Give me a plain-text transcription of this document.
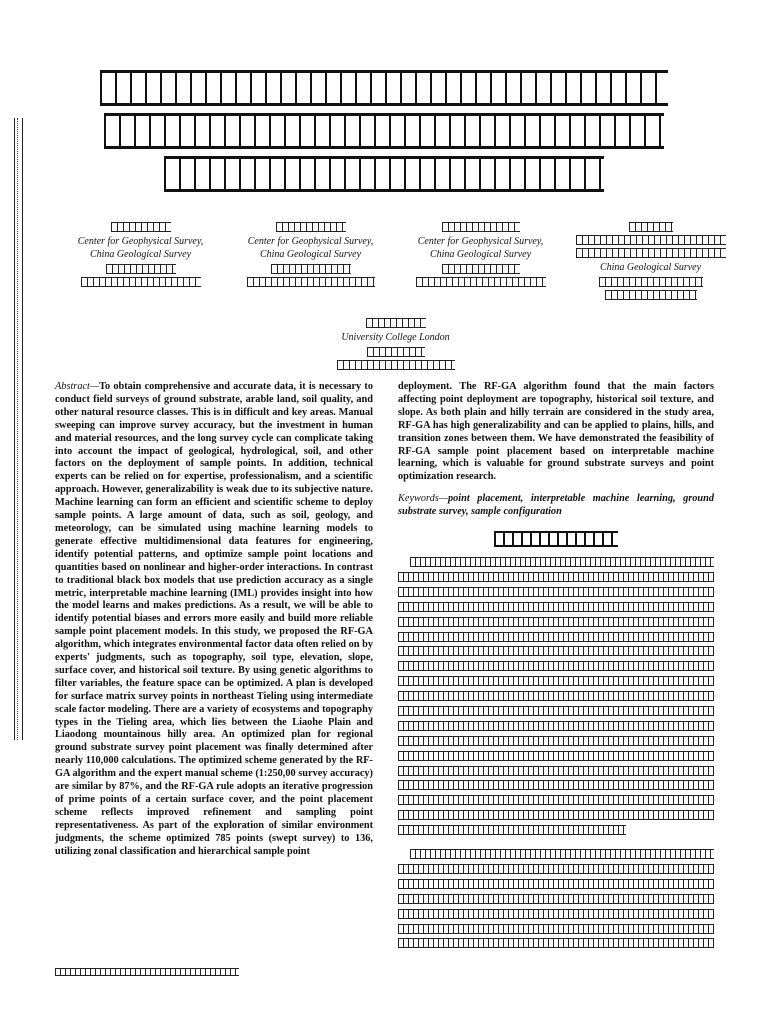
Center for Geophysical Survey,
China Geological Survey
Center for Geophysical Survey,
China Geological Survey
Center for Geophysical Survey,
China Geological Survey
China Geological Survey
University College London
Abstract—To obtain comprehensive and accurate data, it is necessary to conduct field surveys of ground substrate, arable land, soil quality, and other natural resource classes. This is in difficult and key areas. Manual sweeping can improve survey accuracy, but the investment in human and material resources, and the long survey cycle can complicate taking into account the impact of geological, hydrological, soil, and other factors on the deployment of sample points. In addition, technical experts can be relied on for expertise, professionalism, and a scientific approach. However, generalizability is weak due to its subjective nature. Machine learning can form an efficient and scientific scheme to deploy sample points. A large amount of data, such as soil, geology, and meteorology, can be simulated using machine learning models to generate effective multidimensional data features for engineering, identify potential patterns, and optimize sample point locations and quantities based on nonlinear and higher-order interactions. In contrast to traditional black box models that use prediction accuracy as a single metric, interpretable machine learning (IML) provides insight into how the model learns and makes predictions. As a result, we will be able to identify potential biases and errors more easily and build more reliable sample point placement models. In this study, we proposed the RF-GA algorithm, which integrates environmental factor data often relied on by experts' judgments, such as topography, soil type, elevation, slope, surface cover, and historical soil texture. By using genetic algorithms to filter variables, the feature space can be optimized. A plan is developed for surface matrix survey points in northeast Tieling using intermediate scale factor modeling. There are a variety of ecosystems and topography types in the Tieling area, which lies between the Liaohe Plain and Liaodong mountainous hilly area. An optimized plan for regional ground substrate survey point placement was finally determined after nearly 110,000 calculations. The optimized scheme generated by the RF-GA algorithm and the expert manual scheme (1:250,00 survey accuracy) are similar by 87%, and the RF-GA rule adopts an iterative progression of prime points of a certain surface cover, and the point placement scheme reflects improved refinement and sampling point representativeness. As part of the exploration of similar environment judgments, the scheme optimized 785 points (swept survey) to 136, utilizing zonal classification and hierarchical sample point
deployment. The RF-GA algorithm found that the main factors affecting point deployment are topography, historical soil texture, and slope. As both plain and hilly terrain are considered in the study area, RF-GA has high generalizability and can be applied to plains, hills, and transition zones between them. We have demonstrated the feasibility of RF-GA sample point placement based on interpretable machine learning, which is valuable for ground substrate surveys and point optimization research.
Keywords—point placement, interpretable machine learning, ground substrate survey, sample configuration
